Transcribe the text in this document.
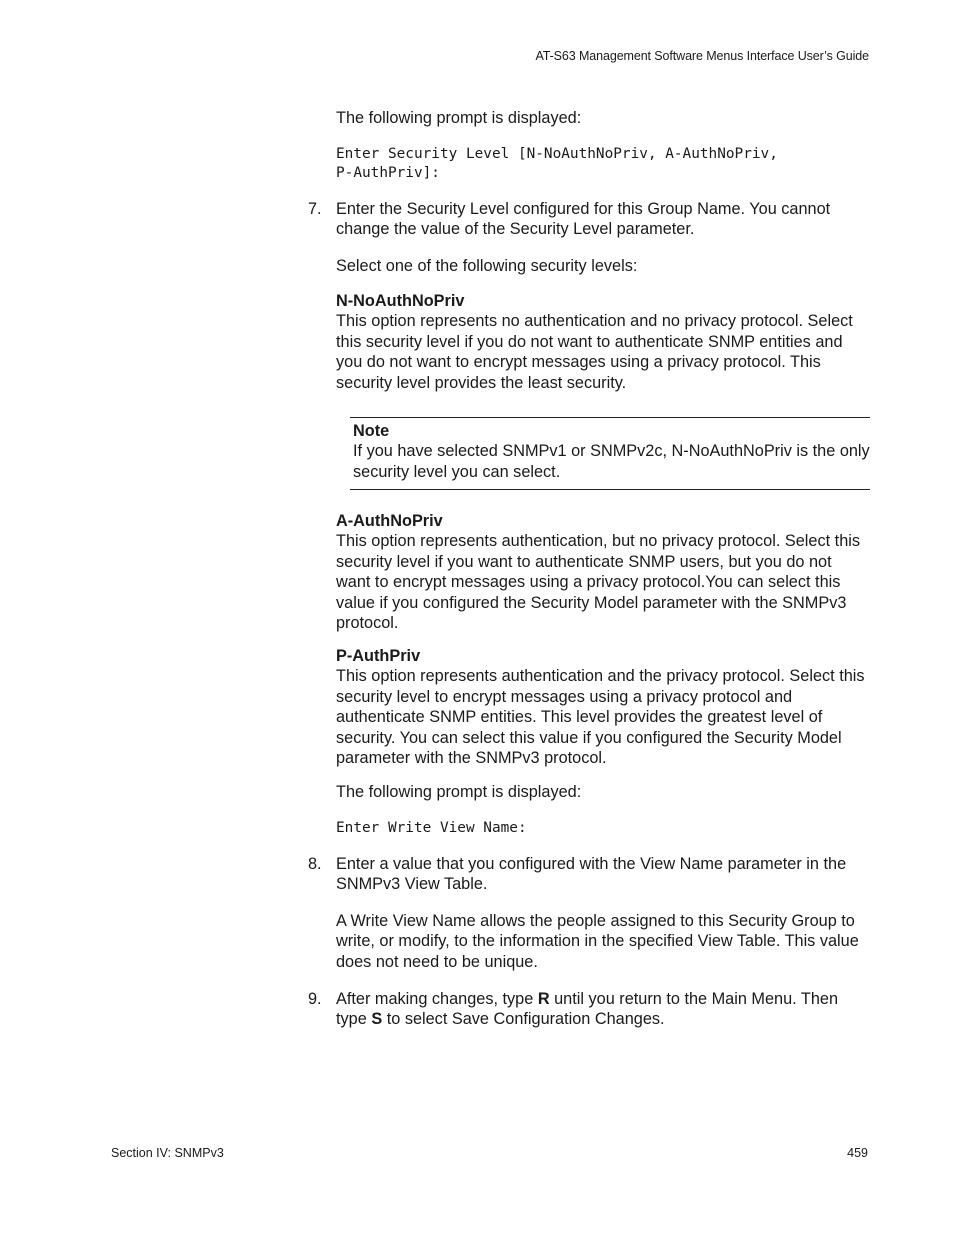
AT-S63 Management Software Menus Interface User’s Guide

The following prompt is displayed:

Enter Security Level [N-NoAuthNoPriv, A-AuthNoPriv,
P-AuthPriv]:
7. Enter the Security Level configured for this Group Name. You cannot change the value of the Security Level parameter.

Select one of the following security levels:

N-NoAuthNoPriv
This option represents no authentication and no privacy protocol. Select this security level if you do not want to authenticate SNMP entities and you do not want to encrypt messages using a privacy protocol. This security level provides the least security.
Note
If you have selected SNMPv1 or SNMPv2c, N-NoAuthNoPriv is the only security level you can select.
A-AuthNoPriv
This option represents authentication, but no privacy protocol. Select this security level if you want to authenticate SNMP users, but you do not want to encrypt messages using a privacy protocol.You can select this value if you configured the Security Model parameter with the SNMPv3 protocol.
P-AuthPriv
This option represents authentication and the privacy protocol. Select this security level to encrypt messages using a privacy protocol and authenticate SNMP entities. This level provides the greatest level of security. You can select this value if you configured the Security Model parameter with the SNMPv3 protocol.

The following prompt is displayed:

Enter Write View Name:
8. Enter a value that you configured with the View Name parameter in the SNMPv3 View Table.

A Write View Name allows the people assigned to this Security Group to write, or modify, to the information in the specified View Table. This value does not need to be unique.

9. After making changes, type R until you return to the Main Menu. Then type S to select Save Configuration Changes.
Section IV: SNMPv3	459
